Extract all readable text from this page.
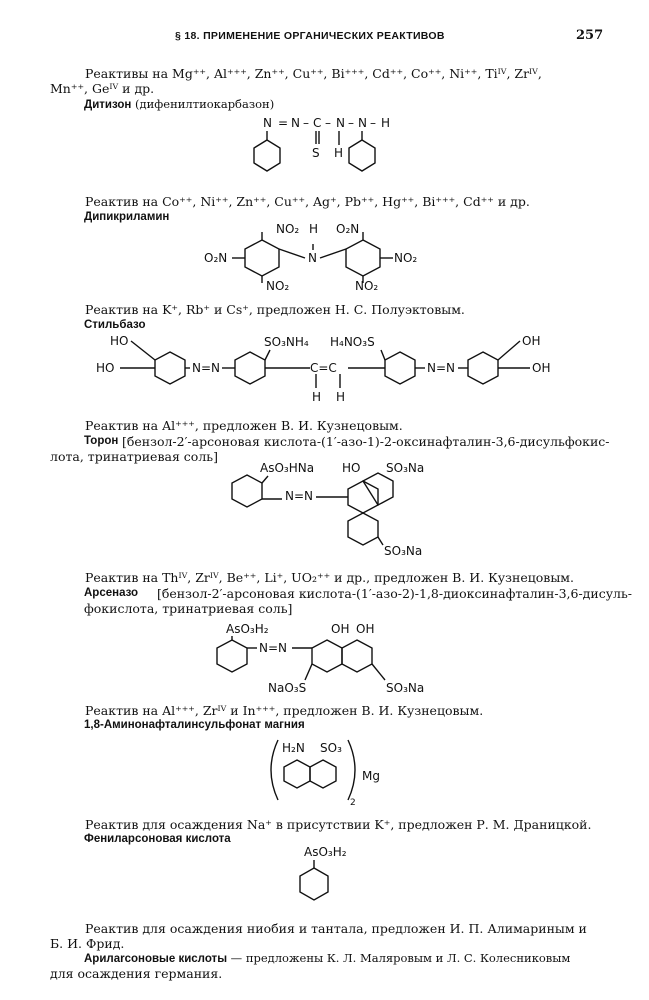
§ 18. ПРИМЕНЕНИЕ ОРГАНИЧЕСКИХ РЕАКТИВОВ	257
Реактивы на Mg⁺⁺, Al⁺⁺⁺, Zn⁺⁺, Cu⁺⁺, Bi⁺⁺⁺, Cd⁺⁺, Co⁺⁺, Ni⁺⁺, Tiᴵⱽ, Zrᴵⱽ,
Mn⁺⁺, Geᴵⱽ и др.
Дитизон (дифенилтиокарбазон)
N = N – C – N – N – H
S H
Реактив на Co⁺⁺, Ni⁺⁺, Zn⁺⁺, Cu⁺⁺, Ag⁺, Pb⁺⁺, Hg⁺⁺, Bi⁺⁺⁺, Cd⁺⁺ и др.
Дипикриламин
NO₂ H O₂N
O₂N	N	NO₂
NO₂	NO₂
Реактив на K⁺, Rb⁺ и Cs⁺, предложен Н. С. Полуэктовым.
Стильбазо
HO
HO	N=N
SO₃NH₄ H₄NO₃S
C=C
H H
N=N
OH
OH
Реактив на Al⁺⁺⁺, предложен В. И. Кузнецовым.
Торон [бензол-2′-арсоновая кислота-(1′-азо-1)-2-оксинафталин-3,6-дисульфокис-
лота, тринатриевая соль]
AsO₃HNa
N=N
HO SO₃Na
SO₃Na
Реактив на Thᴵⱽ, Zrᴵⱽ, Be⁺⁺, Li⁺, UO₂⁺⁺ и др., предложен В. И. Кузнецовым.
Арсеназо [бензол-2′-арсоновая кислота-(1′-азо-2)-1,8-диоксинафталин-3,6-дисуль-
фокислота, тринатриевая соль]
AsO₃H₂
N=N
OH OH
NaO₃S	SO₃Na
Реактив на Al⁺⁺⁺, Zrᴵⱽ и In⁺⁺⁺, предложен В. И. Кузнецовым.
1,8-Аминонафталинсульфонат магния
H₂N SO₃
Mg
2
Реактив для осаждения Na⁺ в присутствии K⁺, предложен Р. М. Драницкой.
Фениларсоновая кислота
AsO₃H₂
Реактив для осаждения ниобия и тантала, предложен И. П. Алимариным и
Б. И. Фрид.
Арилarсоновые кислоты — предложены К. Л. Маляровым и Л. С. Колесниковым
для осаждения германия.
